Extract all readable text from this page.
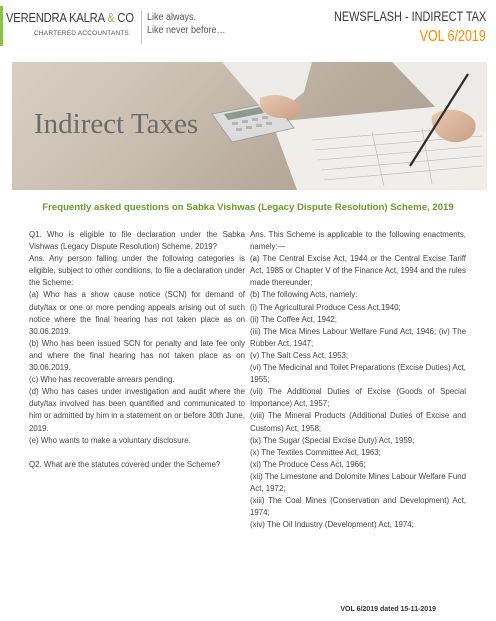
VERENDRA KALRA & CO
CHARTERED ACCOUNTANTS
Like always.
Like never before…
NEWSFLASH - INDIRECT TAX
VOL 6/2019
Indirect Taxes
Frequently asked questions on Sabka Vishwas (Legacy Dispute Resolution) Scheme, 2019

Q1. Who is eligible to file declaration under the Sabka Vishwas (Legacy Dispute Resolution) Scheme, 2019?

Ans. Any person falling under the following categories is eligible, subject to other conditions, to file a declaration under the Scheme:

(a) Who has a show cause notice (SCN) for demand of duty/tax or one or more pending appeals arising out of such notice where the final hearing has not taken place as on 30.06.2019.

(b) Who has been issued SCN for penalty and late fee only and where the final hearing has not taken place as on 30.06.2019.

(c) Who has recoverable arrears pending.

(d) Who has cases under investigation and audit where the duty/tax involved has been quantified and communicated to him or admitted by him in a statement on or before 30th June, 2019.

(e) Who wants to make a voluntary disclosure.

Q2. What are the statutes covered under the Scheme?

Ans. This Scheme is applicable to the following enactments, namely:—

(a) The Central Excise Act, 1944 or the Central Excise Tariff Act, 1985 or Chapter V of the Finance Act, 1994 and the rules made thereunder;

(b) The following Acts, namely:

(i) The Agricultural Produce Cess Act,1940;

(ii) The Coffee Act, 1942;

(iii) The Mica Mines Labour Welfare Fund Act, 1946; (iv) The Rubber Act, 1947;

(v) The Salt Cess Act, 1953;

(vi) The Medicinal and Toilet Preparations (Excise Duties) Act, 1955;

(vii) The Additional Duties of Excise (Goods of Special Importance) Act, 1957;

(viii) The Mineral Products (Additional Duties of Excise and Customs) Act, 1958;

(ix) The Sugar (Special Excise Duty) Act, 1959;

(x) The Textiles Committee Act, 1963;

(xi) The Produce Cess Act, 1966;

(xii) The Limestone and Dolomite Mines Labour Welfare Fund Act, 1972;

(xiii) The Coal Mines (Conservation and Development) Act, 1974;

(xiv) The Oil Industry (Development) Act, 1974;

VOL 6/2019 dated 15-11-2019
